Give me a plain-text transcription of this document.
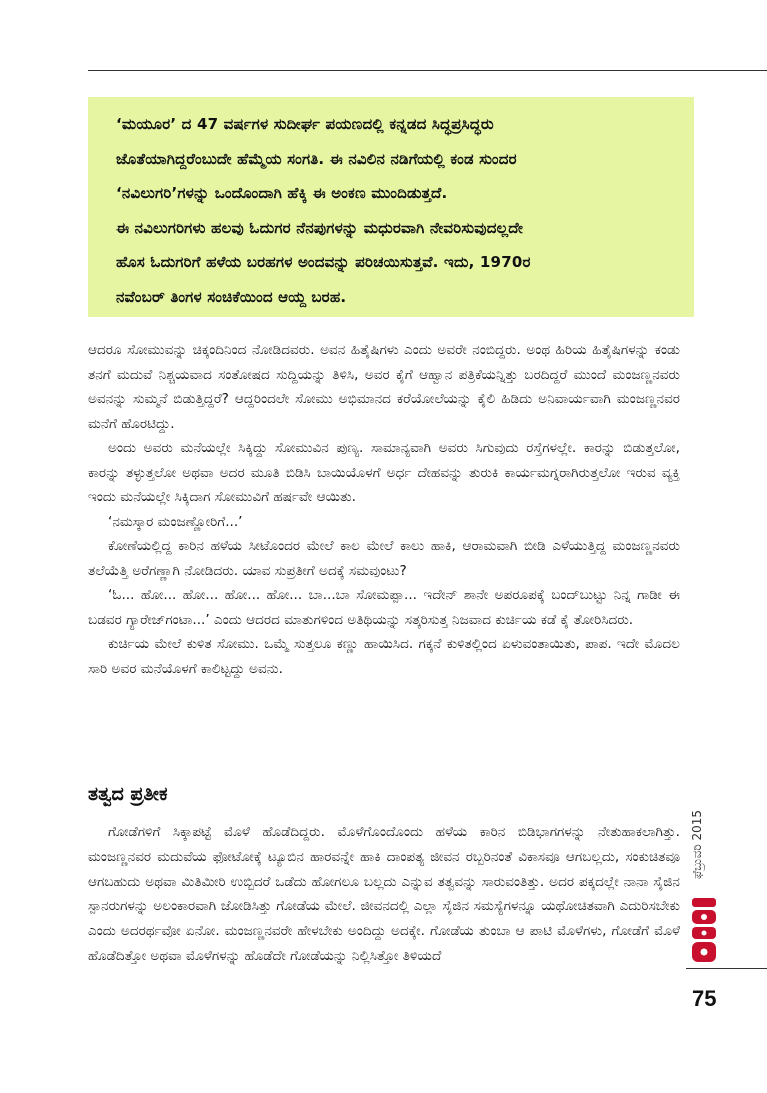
‘ಮಯೂರ’ ದ 47 ವರ್ಷಗಳ ಸುದೀರ್ಘ ಪಯಣದಲ್ಲಿ ಕನ್ನಡದ ಸಿದ್ಧಪ್ರಸಿದ್ಧರು

ಜೊತೆಯಾಗಿದ್ದರೆಂಬುದೇ ಹೆಮ್ಮೆಯ ಸಂಗತಿ. ಈ ನವಿಲಿನ ನಡಿಗೆಯಲ್ಲಿ ಕಂಡ ಸುಂದರ

‘ನವಿಲುಗರಿ’ಗಳನ್ನು ಒಂದೊಂದಾಗಿ ಹೆಕ್ಕಿ ಈ ಅಂಕಣ ಮುಂದಿಡುತ್ತದೆ.

ಈ ನವಿಲುಗರಿಗಳು ಹಲವು ಓದುಗರ ನೆನಪುಗಳನ್ನು ಮಧುರವಾಗಿ ನೇವರಿಸುವುದಲ್ಲದೇ

ಹೊಸ ಓದುಗರಿಗೆ ಹಳೆಯ ಬರಹಗಳ ಅಂದವನ್ನು ಪರಿಚಯಿಸುತ್ತವೆ. ಇದು, 1970ರ

ನವೆಂಬರ್ ತಿಂಗಳ ಸಂಚಿಕೆಯಿಂದ ಆಯ್ದ ಬರಹ.

ಆದರೂ ಸೋಮುವನ್ನು ಚಿಕ್ಕಂದಿನಿಂದ ನೋಡಿದವರು. ಅವನ ಹಿತೈಷಿಗಳು ಎಂದು ಅವರೇ ನಂಬಿದ್ದರು. ಅಂಥ ಹಿರಿಯ ಹಿತೈಷಿಗಳನ್ನು ಕಂಡು ತನಗೆ ಮದುವೆ ನಿಶ್ಚಯವಾದ ಸಂತೋಷದ ಸುದ್ದಿಯನ್ನು ತಿಳಿಸಿ, ಅವರ ಕೈಗೆ ಆಹ್ವಾನ ಪತ್ರಿಕೆಯನ್ನಿತ್ತು ಬರದಿದ್ದರೆ ಮುಂದೆ ಮಂಜಣ್ಣನವರು ಅವನನ್ನು ಸುಮ್ಮನೆ ಬಿಡುತ್ತಿದ್ದರೆ? ಆದ್ದರಿಂದಲೇ ಸೋಮು ಅಭಿಮಾನದ ಕರೆಯೋಲೆಯನ್ನು ಕೈಲಿ ಹಿಡಿದು ಅನಿವಾರ್ಯವಾಗಿ ಮಂಜಣ್ಣನವರ ಮನೆಗೆ ಹೊರಟಿದ್ದು.

ಅಂದು ಅವರು ಮನೆಯಲ್ಲೇ ಸಿಕ್ಕಿದ್ದು ಸೋಮುವಿನ ಪುಣ್ಯ. ಸಾಮಾನ್ಯವಾಗಿ ಅವರು ಸಿಗುವುದು ರಸ್ತೆಗಳಲ್ಲೇ. ಕಾರನ್ನು ಬಿಡುತ್ತಲೋ, ಕಾರನ್ನು ತಳ್ಳುತ್ತಲೋ ಅಥವಾ ಅದರ ಮೂತಿ ಬಿಡಿಸಿ ಬಾಯಿಯೊಳಗೆ ಅರ್ಧ ದೇಹವನ್ನು ತುರುಕಿ ಕಾರ್ಯಮಗ್ನರಾಗಿರುತ್ತಲೋ ಇರುವ ವ್ಯಕ್ತಿ ಇಂದು ಮನೆಯಲ್ಲೇ ಸಿಕ್ಕಿದಾಗ ಸೋಮುವಿಗೆ ಹರ್ಷವೇ ಆಯಿತು.

‘ನಮಸ್ಕಾರ ಮಂಜಣ್ಣೋರಿಗೆ...’

ಕೋಣೆಯಲ್ಲಿದ್ದ ಕಾರಿನ ಹಳೆಯ ಸೀಟೊಂದರ ಮೇಲೆ ಕಾಲ ಮೇಲೆ ಕಾಲು ಹಾಕಿ, ಆರಾಮವಾಗಿ ಬೀಡಿ ಎಳೆಯುತ್ತಿದ್ದ ಮಂಜಣ್ಣನವರು ತಲೆಯೆತ್ತಿ ಅರೆಗಣ್ಣಾಗಿ ನೋಡಿದರು. ಯಾವ ಸುಪ್ರತೀಗೆ ಅದಕ್ಕೆ ಸಮವುಂಟು?

‘ಓ... ಹೋ... ಹೋ... ಹೋ... ಹೋ... ಬಾ...ಬಾ ಸೋಮಪ್ಪಾ... ಇದೇನ್ ಶಾನೇ ಅಪರೂಪಕ್ಕೆ ಬಂದ್‌ಬುಟ್ಟು ನಿನ್ನ ಗಾಡೀ ಈ ಬಡವರ ಗ್ಯಾರೇಜ್‌ಗಂಟಾ...’ ಎಂದು ಆದರದ ಮಾತುಗಳಿಂದ ಅತಿಥಿಯನ್ನು ಸತ್ಕರಿಸುತ್ತ ನಿಜವಾದ ಕುರ್ಚಿಯ ಕಡೆ ಕೈ ತೋರಿಸಿದರು.

ಕುರ್ಚಿಯ ಮೇಲೆ ಕುಳಿತ ಸೋಮು. ಒಮ್ಮೆ ಸುತ್ತಲೂ ಕಣ್ಣು ಹಾಯಿಸಿದ. ಗಕ್ಕನೆ ಕುಳಿತಲ್ಲಿಂದ ಏಳುವಂತಾಯಿತು, ಪಾಪ. ಇದೇ ಮೊದಲ ಸಾರಿ ಅವರ ಮನೆಯೊಳಗೆ ಕಾಲಿಟ್ಟದ್ದು ಅವನು.

ತತ್ವದ ಪ್ರತೀಕ

ಗೋಡೆಗಳಿಗೆ ಸಿಕ್ಕಾಪಟ್ಟೆ ಮೊಳೆ ಹೊಡೆದಿದ್ದರು. ಮೊಳೆಗೊಂದೊಂದು ಹಳೆಯ ಕಾರಿನ ಬಿಡಿಭಾಗಗಳನ್ನು ನೇತುಹಾಕಲಾಗಿತ್ತು. ಮಂಜಣ್ಣನವರ ಮದುವೆಯ ಫೋಟೋಕ್ಕೆ ಟ್ಯೂಬಿನ ಹಾರವನ್ನೇ ಹಾಕಿ ದಾಂಪತ್ಯ ಜೀವನ ರಬ್ಬರಿನಂತೆ ವಿಕಾಸವೂ ಆಗಬಲ್ಲದು, ಸಂಕುಚಿತವೂ ಆಗಬಹುದು ಅಥವಾ ಮಿತಿಮೀರಿ ಉಬ್ಬಿದರೆ ಒಡೆದು ಹೋಗಲೂ ಬಲ್ಲದು ಎನ್ನುವ ತತ್ವವನ್ನು ಸಾರುವಂತಿತ್ತು. ಅದರ ಪಕ್ಕದಲ್ಲೇ ನಾನಾ ಸೈಜಿನ ಸ್ಪಾನರುಗಳನ್ನು ಅಲಂಕಾರವಾಗಿ ಜೋಡಿಸಿತ್ತು ಗೋಡೆಯ ಮೇಲೆ. ಜೀವನದಲ್ಲಿ ಎಲ್ಲಾ ಸೈಜಿನ ಸಮಸ್ಯೆಗಳನ್ನೂ ಯಥೋಚಿತವಾಗಿ ಎದುರಿಸಬೇಕು ಎಂದು ಅದರರ್ಥವೋ ಏನೋ. ಮಂಜಣ್ಣನವರೇ ಹೇಳಬೇಕು ಅಂದಿದ್ದು ಅದಕ್ಕೇ. ಗೋಡೆಯ ತುಂಬಾ ಆ ಪಾಟಿ ಮೊಳೆಗಳು, ಗೋಡೆಗೆ ಮೊಳೆ ಹೊಡೆದಿತ್ತೋ ಅಥವಾ ಮೊಳೆಗಳನ್ನು ಹೊಡೆದೇ ಗೋಡೆಯನ್ನು ನಿಲ್ಲಿಸಿತ್ತೋ ತಿಳಿಯದೆ

ಫೆಬ್ರುವರಿ 2015
75
